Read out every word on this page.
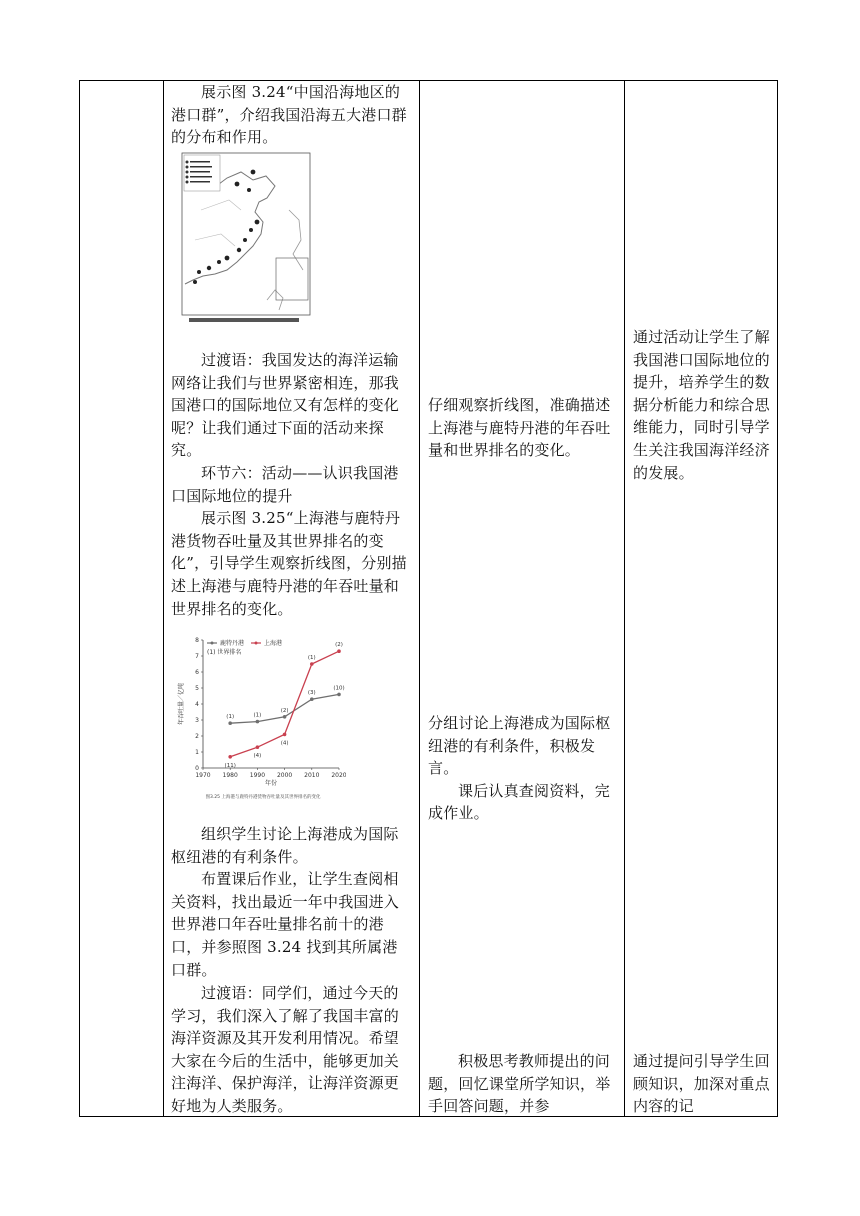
展示图 3.24“中国沿海地区的港口群”，介绍我国沿海五大港口群的分布和作用。

过渡语：我国发达的海洋运输网络让我们与世界紧密相连，那我国港口的国际地位又有怎样的变化呢？让我们通过下面的活动来探究。

环节六：活动——认识我国港口国际地位的提升

展示图 3.25“上海港与鹿特丹港货物吞吐量及其世界排名的变化”，引导学生观察折线图，分别描述上海港与鹿特丹港的年吞吐量和世界排名的变化。

0
1
2
3
4
5
6
7
8
1970 1980 1990 2000 2010 2020
年份
年吞吐量／亿吨
鹿特丹港	上海港
(1) 世界排名
(1)	(1)
(2)
(3)
(10)
(11)
(4)
(4)
(1)
(2)
图3.25 上海港与鹿特丹港货物吞吐量及其世界排名的变化

组织学生讨论上海港成为国际枢纽港的有利条件。

布置课后作业，让学生查阅相关资料，找出最近一年中我国进入世界港口年吞吐量排名前十的港口，并参照图 3.24 找到其所属港口群。

过渡语：同学们，通过今天的学习，我们深入了解了我国丰富的海洋资源及其开发利用情况。希望大家在今后的生活中，能够更加关注海洋、保护海洋，让海洋资源更好地为人类服务。

仔细观察折线图，准确描述上海港与鹿特丹港的年吞吐量和世界排名的变化。

分组讨论上海港成为国际枢纽港的有利条件，积极发言。

课后认真查阅资料，完成作业。

积极思考教师提出的问题，回忆课堂所学知识，举手回答问题，并参

通过活动让学生了解我国港口国际地位的提升，培养学生的数据分析能力和综合思维能力，同时引导学生关注我国海洋经济的发展。

通过提问引导学生回顾知识，加深对重点内容的记
